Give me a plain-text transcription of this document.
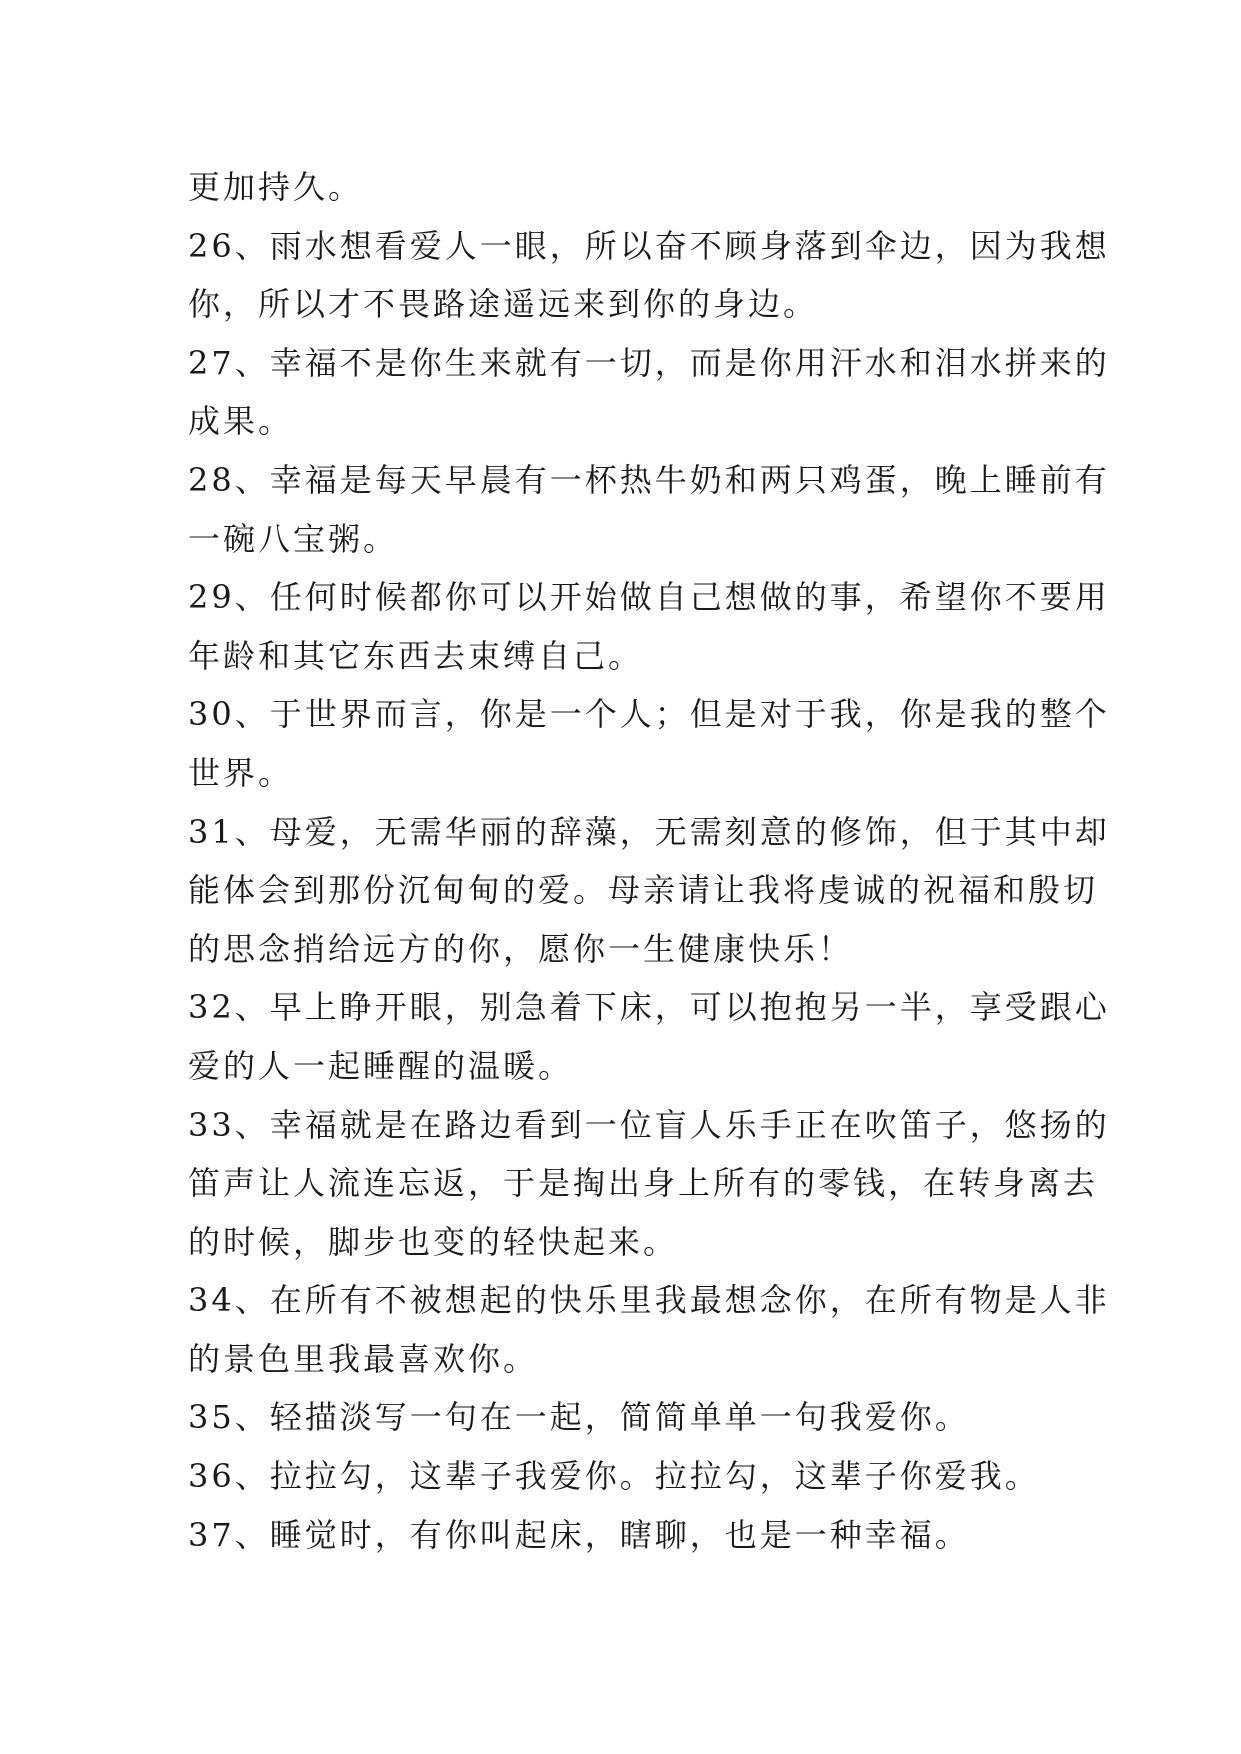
更加持久。
26、雨水想看爱人一眼，所以奋不顾身落到伞边，因为我想
你，所以才不畏路途遥远来到你的身边。
27、幸福不是你生来就有一切，而是你用汗水和泪水拼来的
成果。
28、幸福是每天早晨有一杯热牛奶和两只鸡蛋，晚上睡前有
一碗八宝粥。
29、任何时候都你可以开始做自己想做的事，希望你不要用
年龄和其它东西去束缚自己。
30、于世界而言，你是一个人；但是对于我，你是我的整个
世界。
31、母爱，无需华丽的辞藻，无需刻意的修饰，但于其中却
能体会到那份沉甸甸的爱。母亲请让我将虔诚的祝福和殷切
的思念捎给远方的你，愿你一生健康快乐！
32、早上睁开眼，别急着下床，可以抱抱另一半，享受跟心
爱的人一起睡醒的温暖。
33、幸福就是在路边看到一位盲人乐手正在吹笛子，悠扬的
笛声让人流连忘返，于是掏出身上所有的零钱，在转身离去
的时候，脚步也变的轻快起来。
34、在所有不被想起的快乐里我最想念你，在所有物是人非
的景色里我最喜欢你。
35、轻描淡写一句在一起，简简单单一句我爱你。
36、拉拉勾，这辈子我爱你。拉拉勾，这辈子你爱我。
37、睡觉时，有你叫起床，瞎聊，也是一种幸福。
